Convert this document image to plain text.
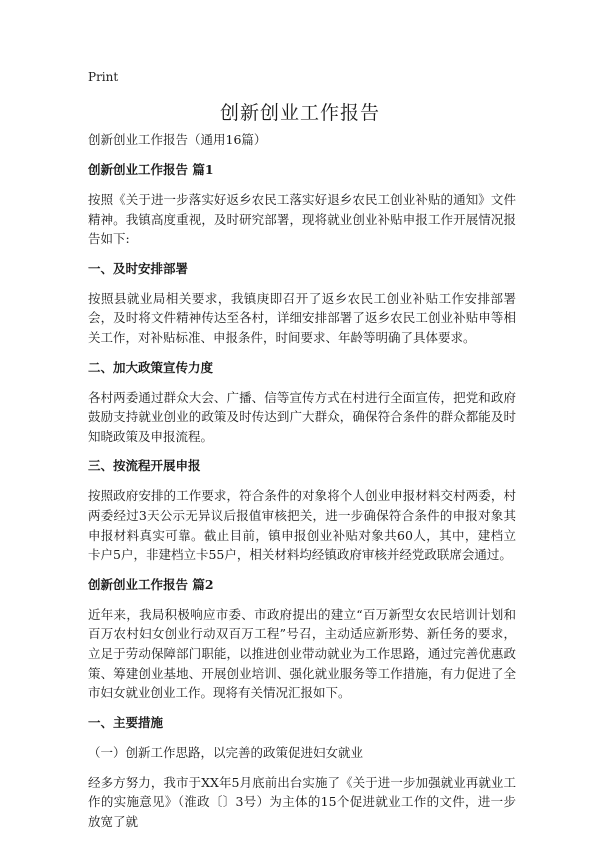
Print
创新创业工作报告

创新创业工作报告（通用16篇）

创新创业工作报告 篇1

按照《关于进一步落实好返乡农民工落实好退乡农民工创业补贴的通知》文件精神。我镇高度重视，及时研究部署，现将就业创业补贴申报工作开展情况报告如下:

一、及时安排部署

按照县就业局相关要求，我镇庚即召开了返乡农民工创业补贴工作安排部署会，及时将文件精神传达至各村，详细安排部署了返乡农民工创业补贴申等相关工作，对补贴标准、申报条件，时间要求、年龄等明确了具体要求。

二、加大政策宣传力度

各村两委通过群众大会、广播、信等宣传方式在村进行全面宣传，把党和政府鼓励支持就业创业的政策及时传达到广大群众，确保符合条件的群众都能及时知晓政策及申报流程。

三、按流程开展申报

按照政府安排的工作要求，符合条件的对象将个人创业申报材料交村两委，村两委经过3天公示无异议后报值审核把关，进一步确保符合条件的申报对象其申报材料真实可靠。截止目前，镇申报创业补贴对象共60人，其中，建档立卡户5户，非建档立卡55户，相关材料均经镇政府审核并经党政联席会通过。

创新创业工作报告 篇2

近年来，我局积极响应市委、市政府提出的建立“百万新型女农民培训计划和百万农村妇女创业行动双百万工程”号召，主动适应新形势、新任务的要求，立足于劳动保障部门职能，以推进创业带动就业为工作思路，通过完善优惠政策、筹建创业基地、开展创业培训、强化就业服务等工作措施，有力促进了全市妇女就业创业工作。现将有关情况汇报如下。

一、主要措施

（一）创新工作思路，以完善的政策促进妇女就业

经多方努力，我市于XX年5月底前出台实施了《关于进一步加强就业再就业工作的实施意见》（淮政〔〕3号）为主体的15个促进就业工作的文件，进一步放宽了就
